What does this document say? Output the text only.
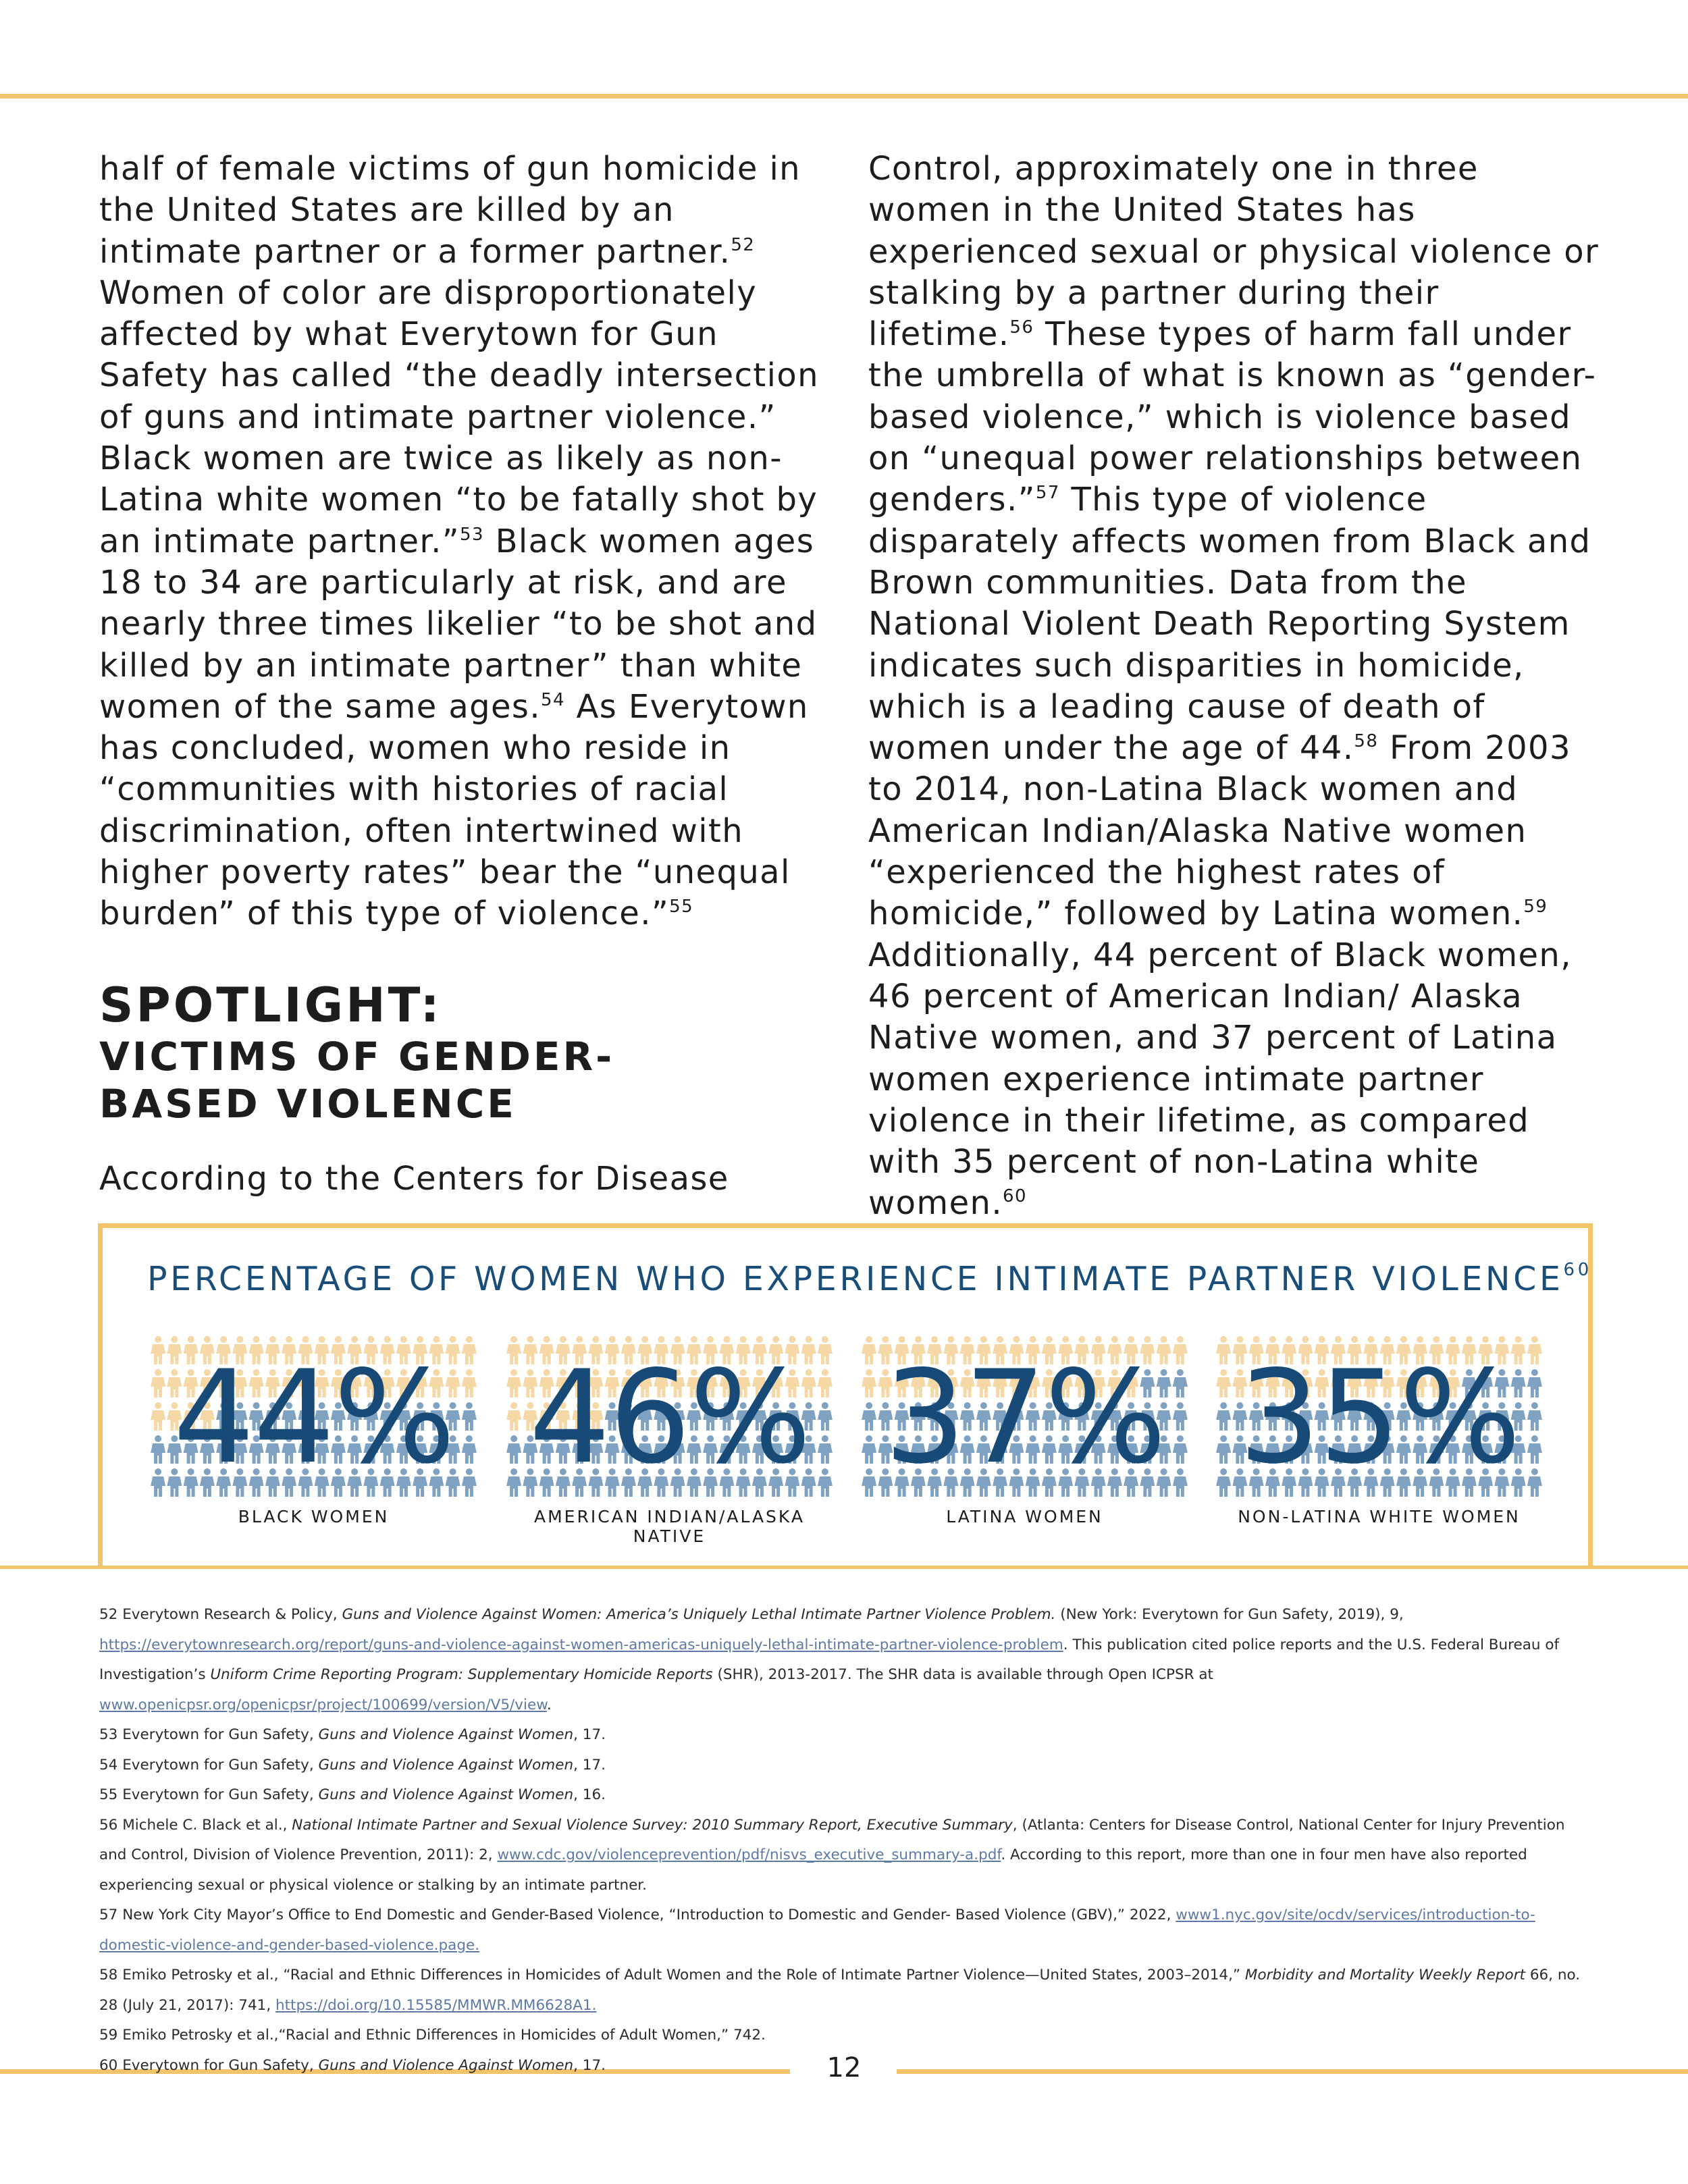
half of female victims of gun homicide in the United States are killed by an intimate partner or a former partner.$^{52}$ Women of color are disproportionately affected by what Everytown for Gun Safety has called “the deadly intersection of guns and intimate partner violence.” Black women are twice as likely as non-Latina white women “to be fatally shot by an intimate partner.”$^{53}$ Black women ages 18 to 34 are particularly at risk, and are nearly three times likelier “to be shot and killed by an intimate partner” than white women of the same ages.$^{54}$ As Everytown has concluded, women who reside in “communities with histories of racial discrimination, often intertwined with higher poverty rates” bear the “unequal burden” of this type of violence.”$^{55}$

SPOTLIGHT:
VICTIMS OF GENDER-BASED VIOLENCE
According to the Centers for Disease

Control, approximately one in three women in the United States has experienced sexual or physical violence or stalking by a partner during their lifetime.$^{56}$ These types of harm fall under the umbrella of what is known as “gender-based violence,” which is violence based on “unequal power relationships between genders.”$^{57}$ This type of violence disparately affects women from Black and Brown communities. Data from the National Violent Death Reporting System indicates such disparities in homicide, which is a leading cause of death of women under the age of 44.58 From 2003 to 2014, non-Latina Black women and American Indian/Alaska Native women “experienced the highest rates of homicide,” followed by Latina women.$^{59}$ Additionally, 44 percent of Black women, 46 percent of American Indian/ Alaska Native women, and 37 percent of Latina women experience intimate partner violence in their lifetime, as compared with 35 percent of non-Latina white women.$^{60}$

PERCENTAGE OF WOMEN WHO EXPERIENCE INTIMATE PARTNER VIOLENCE$^{60}$
44%
BLACK WOMEN
46%
AMERICAN INDIAN/ALASKA NATIVE
37%
LATINA WOMEN
35%
NON-LATINA WHITE WOMEN

52 Everytown Research & Policy, Guns and Violence Against Women: America’s Uniquely Lethal Intimate Partner Violence Problem. (New York: Everytown for Gun Safety, 2019), 9, https://everytownresearch.org/report/guns-and-violence-against-women-americas-uniquely-lethal-intimate-partner-violence-problem. This publication cited police reports and the U.S. Federal Bureau of Investigation’s Uniform Crime Reporting Program: Supplementary Homicide Reports (SHR), 2013-2017. The SHR data is available through Open ICPSR at www.openicpsr.org/openicpsr/project/100699/version/V5/view.

53 Everytown for Gun Safety, Guns and Violence Against Women, 17.

54 Everytown for Gun Safety, Guns and Violence Against Women, 17.

55 Everytown for Gun Safety, Guns and Violence Against Women, 16.

56 Michele C. Black et al., National Intimate Partner and Sexual Violence Survey: 2010 Summary Report, Executive Summary, (Atlanta: Centers for Disease Control, National Center for Injury Prevention and Control, Division of Violence Prevention, 2011): 2, www.cdc.gov/violenceprevention/pdf/nisvs_executive_summary-a.pdf. According to this report, more than one in four men have also reported experiencing sexual or physical violence or stalking by an intimate partner.

57 New York City Mayor’s Office to End Domestic and Gender-Based Violence, “Introduction to Domestic and Gender- Based Violence (GBV),” 2022, www1.nyc.gov/site/ocdv/services/introduction-to-domestic-violence-and-gender-based-violence.page.

58 Emiko Petrosky et al., “Racial and Ethnic Differences in Homicides of Adult Women and the Role of Intimate Partner Violence—United States, 2003–2014,” Morbidity and Mortality Weekly Report 66, no. 28 (July 21, 2017): 741, https://doi.org/10.15585/MMWR.MM6628A1.

59 Emiko Petrosky et al.,“Racial and Ethnic Differences in Homicides of Adult Women,” 742.

60 Everytown for Gun Safety, Guns and Violence Against Women, 17.	12
